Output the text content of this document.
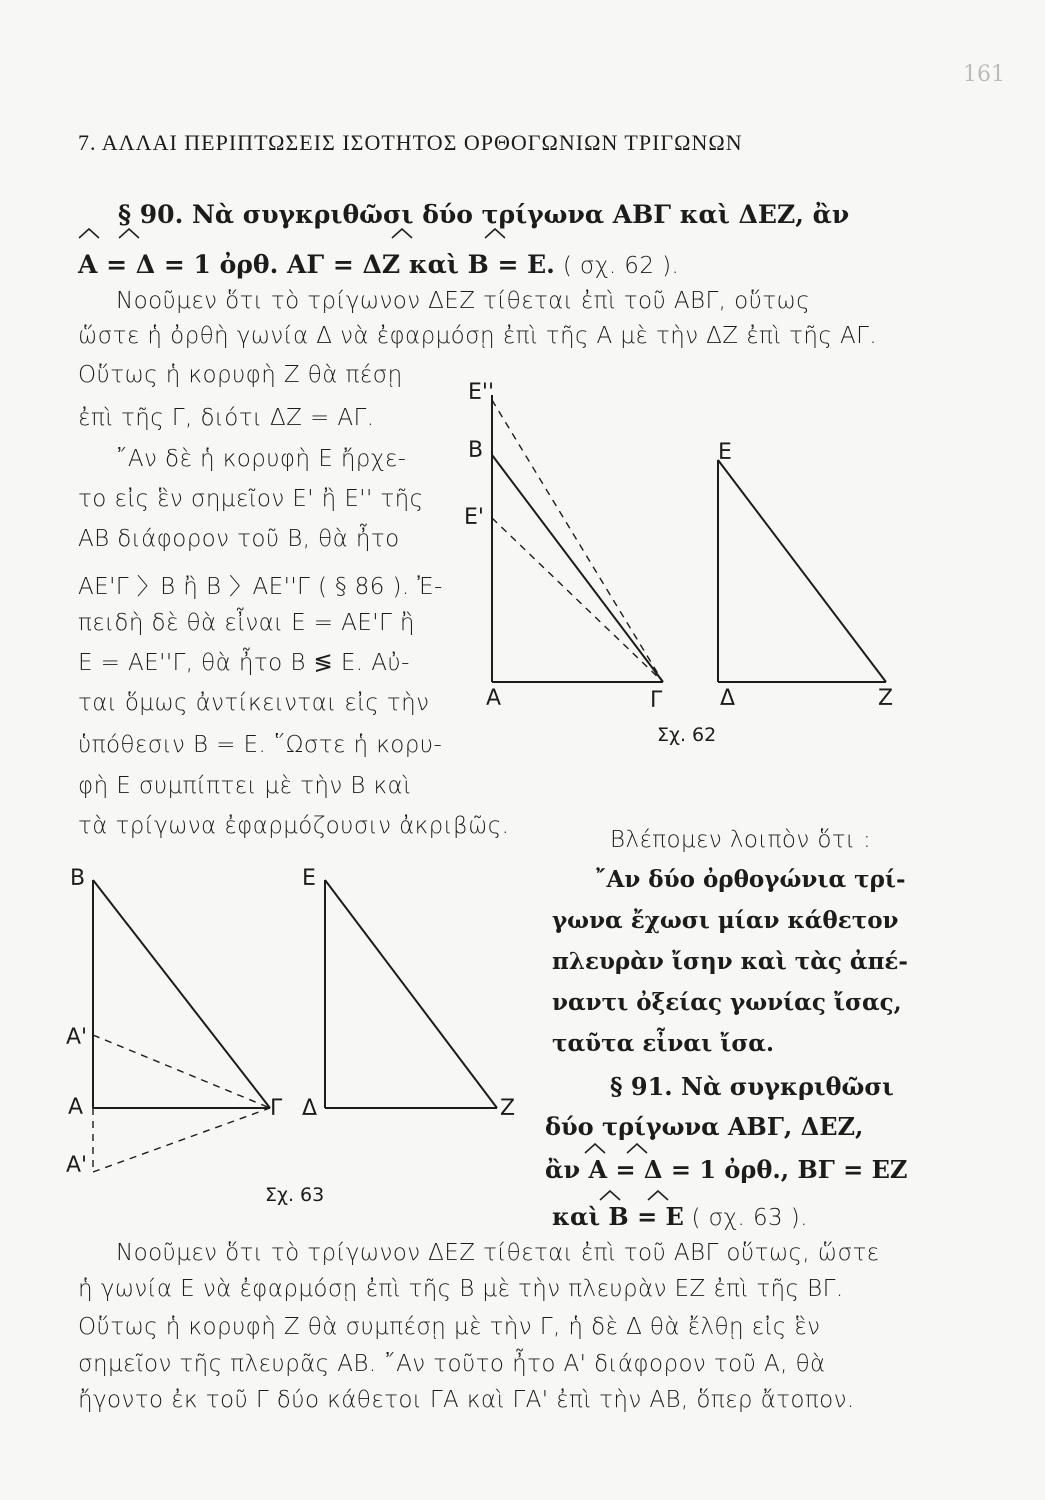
161
7. ΑΛΛΑΙ ΠΕΡΙΠΤΩΣΕΙΣ ΙΣΟΤΗΤΟΣ ΟΡΘΟΓΩΝΙΩΝ ΤΡΙΓΩΝΩΝ
§ 90. Νὰ συγκριθῶσι δύο τρίγωνα ΑΒΓ καὶ ΔΕΖ, ἂν
Α = Δ = 1 ὀρθ. ΑΓ = ΔΖ καὶ Β = Ε. ( σχ. 62 ).
Νοοῦμεν ὅτι τὸ τρίγωνον ΔΕΖ τίθεται ἐπὶ τοῦ ΑΒΓ, οὕτως
ὥστε ἡ ὀρθὴ γωνία Δ νὰ ἐφαρμόσῃ ἐπὶ τῆς Α μὲ τὴν ΔΖ ἐπὶ τῆς ΑΓ.
Οὕτως ἡ κορυφὴ Ζ θὰ πέσῃ
ἐπὶ τῆς Γ, διότι ΔΖ = ΑΓ.
῎Αν δὲ ἡ κορυφὴ Ε ἤρχε-
το εἰς ἓν σημεῖον Ε' ἢ Ε'' τῆς
ΑΒ διάφορον τοῦ Β, θὰ ἦτο
ΑΕ'Γ 〉Β ἢ Β 〉ΑΕ''Γ ( § 86 ). Ἐ-
πειδὴ δὲ θὰ εἶναι Ε = ΑΕ'Γ ἢ
Ε = ΑΕ''Γ, θὰ ἦτο Β ≶ Ε. Αὐ-
ται ὅμως ἀντίκεινται εἰς τὴν
ὑπόθεσιν Β = Ε. ῞Ωστε ἡ κορυ-
φὴ Ε συμπίπτει μὲ τὴν Β καὶ
τὰ τρίγωνα ἐφαρμόζουσιν ἀκριβῶς.
Ε''
Β
Ε'
Α	Γ
Ε
Δ	Ζ
Σχ. 62
Βλέπομεν λοιπὸν ὅτι :
῎Αν δύο ὀρθογώνια τρί-
γωνα ἔχωσι μίαν κάθετον
πλευρὰν ἴσην καὶ τὰς ἀπέ-
ναντι ὀξείας γωνίας ἴσας,
ταῦτα εἶναι ἴσα.
Β
Α'
Α
Α'
Γ
Ε
Δ	Ζ
Σχ. 63
§ 91. Νὰ συγκριθῶσι
δύο τρίγωνα ΑΒΓ, ΔΕΖ,
ἂν Α = Δ = 1 ὀρθ., ΒΓ = ΕΖ
καὶ Β = Ε ( σχ. 63 ).
Νοοῦμεν ὅτι τὸ τρίγωνον ΔΕΖ τίθεται ἐπὶ τοῦ ΑΒΓ οὕτως, ὥστε
ἡ γωνία Ε νὰ ἐφαρμόσῃ ἐπὶ τῆς Β μὲ τὴν πλευρὰν ΕΖ ἐπὶ τῆς ΒΓ.
Οὕτως ἡ κορυφὴ Ζ θὰ συμπέσῃ μὲ τὴν Γ, ἡ δὲ Δ θὰ ἔλθῃ εἰς ἓν
σημεῖον τῆς πλευρᾶς ΑΒ. ῎Αν τοῦτο ἦτο Α' διάφορον τοῦ Α, θὰ
ἤγοντο ἐκ τοῦ Γ δύο κάθετοι ΓΑ καὶ ΓΑ' ἐπὶ τὴν ΑΒ, ὅπερ ἄτοπον.
